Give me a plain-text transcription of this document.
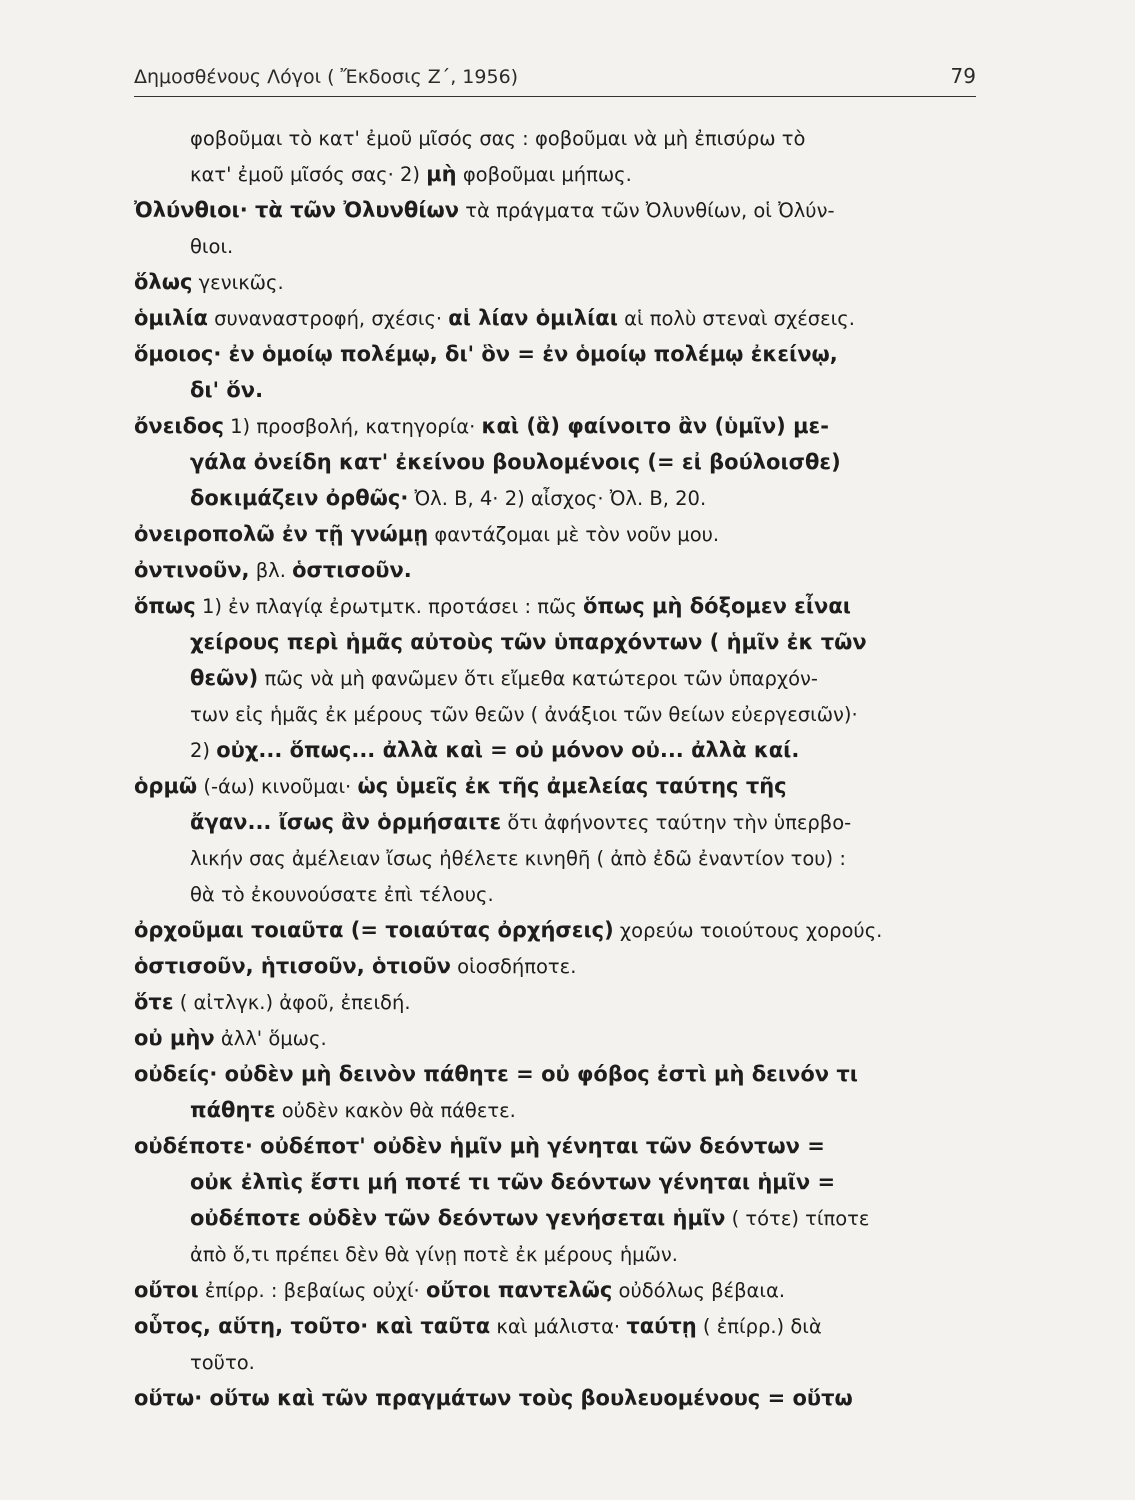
Δημοσθένους Λόγοι ( Ἔκδοσις Ζ΄, 1956)	79
φοβοῦμαι τὸ κατ' ἐμοῦ μῖσός σας : φοβοῦμαι νὰ μὴ ἐπισύρω τὸ
κατ' ἐμοῦ μῖσός σας· 2) μὴ φοβοῦμαι μήπως.
Ὀλύνθιοι· τὰ τῶν Ὀλυνθίων τὰ πράγματα τῶν Ὀλυνθίων, οἱ Ὀλύν-
θιοι.
ὅλως γενικῶς.
ὁμιλία συναναστροφή, σχέσις· αἱ λίαν ὁμιλίαι αἱ πολὺ στεναὶ σχέσεις.
ὅμοιος· ἐν ὁμοίῳ πολέμῳ, δι' ὃν = ἐν ὁμοίῳ πολέμῳ ἐκείνῳ,
δι' ὅν.
ὄνειδος 1) προσβολή, κατηγορία· καὶ (ἃ) φαίνοιτο ἂν (ὑμῖν) με-
γάλα ὀνείδη κατ' ἐκείνου βουλομένοις (= εἰ βούλοισθε)
δοκιμάζειν ὀρθῶς· Ὀλ. Β, 4· 2) αἶσχος· Ὀλ. Β, 20.
ὀνειροπολῶ ἐν τῇ γνώμῃ φαντάζομαι μὲ τὸν νοῦν μου.
ὀντινοῦν, βλ. ὁστισοῦν.
ὅπως 1) ἐν πλαγίᾳ ἐρωτμτκ. προτάσει : πῶς ὅπως μὴ δόξομεν εἶναι
χείρους περὶ ἡμᾶς αὐτοὺς τῶν ὑπαρχόντων ( ἡμῖν ἐκ τῶν
θεῶν) πῶς νὰ μὴ φανῶμεν ὅτι εἴμεθα κατώτεροι τῶν ὑπαρχόν-
των εἰς ἡμᾶς ἐκ μέρους τῶν θεῶν ( ἀνάξιοι τῶν θείων εὐεργεσιῶν)·
2) οὐχ... ὅπως... ἀλλὰ καὶ = οὐ μόνον οὐ... ἀλλὰ καί.
ὁρμῶ (-άω) κινοῦμαι· ὡς ὑμεῖς ἐκ τῆς ἀμελείας ταύτης τῆς
ἄγαν... ἴσως ἂν ὁρμήσαιτε ὅτι ἀφήνοντες ταύτην τὴν ὑπερβο-
λικήν σας ἀμέλειαν ἴσως ἠθέλετε κινηθῆ ( ἀπὸ ἐδῶ ἐναντίον του) :
θὰ τὸ ἐκουνούσατε ἐπὶ τέλους.
ὀρχοῦμαι τοιαῦτα (= τοιαύτας ὀρχήσεις) χορεύω τοιούτους χορούς.
ὁστισοῦν, ἡτισοῦν, ὁτιοῦν οἱοσδήποτε.
ὅτε ( αἰτλγκ.) ἀφοῦ, ἐπειδή.
οὐ μὴν ἀλλ' ὅμως.
οὐδείς· οὐδὲν μὴ δεινὸν πάθητε = οὐ φόβος ἐστὶ μὴ δεινόν τι
πάθητε οὐδὲν κακὸν θὰ πάθετε.
οὐδέποτε· οὐδέποτ' οὐδὲν ἡμῖν μὴ γένηται τῶν δεόντων =
οὐκ ἐλπὶς ἔστι μή ποτέ τι τῶν δεόντων γένηται ἡμῖν =
οὐδέποτε οὐδὲν τῶν δεόντων γενήσεται ἡμῖν ( τότε) τίποτε
ἀπὸ ὅ,τι πρέπει δὲν θὰ γίνῃ ποτὲ ἐκ μέρους ἡμῶν.
οὔτοι ἐπίρρ. : βεβαίως οὐχί· οὔτοι παντελῶς οὐδόλως βέβαια.
οὗτος, αὕτη, τοῦτο· καὶ ταῦτα καὶ μάλιστα· ταύτῃ ( ἐπίρρ.) διὰ
τοῦτο.
οὕτω· οὕτω καὶ τῶν πραγμάτων τοὺς βουλευομένους = οὕτω
